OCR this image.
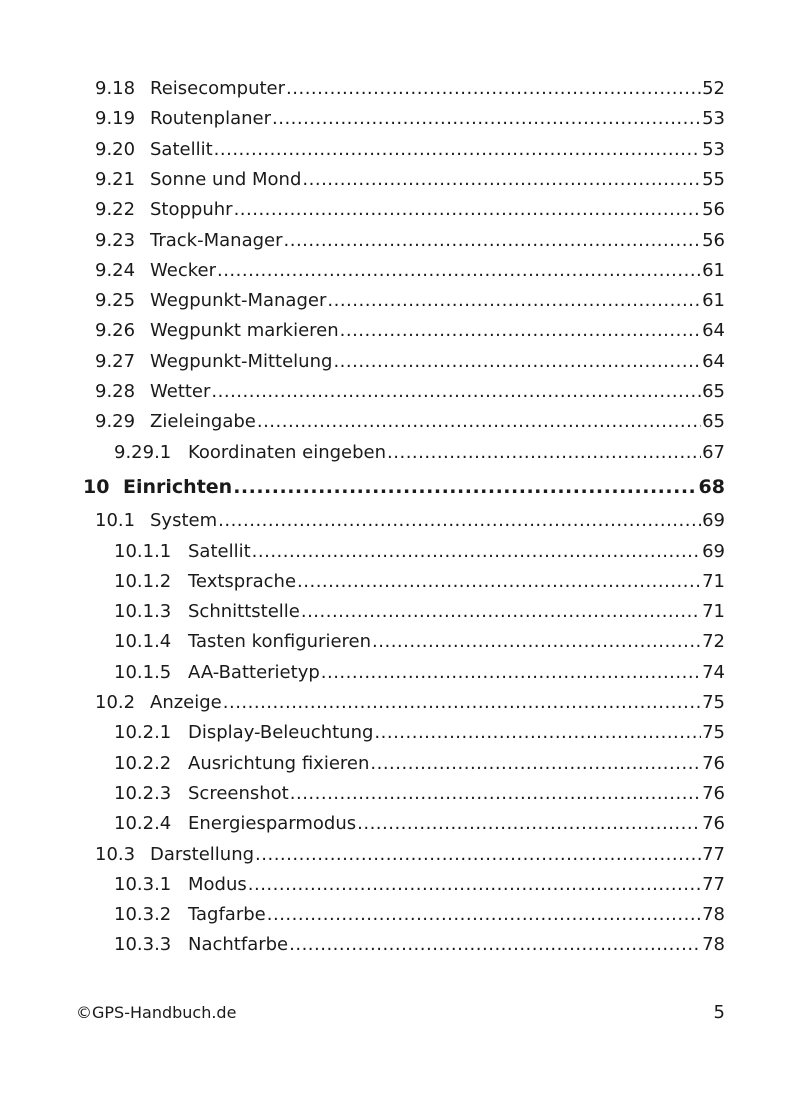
9.18 Reisecomputer .....	52
9.19 Routenplaner .....	53
9.20 Satellit .....	53
9.21 Sonne und Mond .....	55
9.22 Stoppuhr .....	56
9.23 Track-Manager .....	56
9.24 Wecker .....	61
9.25 Wegpunkt-Manager .....	61
9.26 Wegpunkt markieren .....	64
9.27 Wegpunkt-Mittelung .....	64
9.28 Wetter .....	65
9.29 Zieleingabe .....	65
9.29.1 Koordinaten eingeben .....	67
10 Einrichten .....	68
10.1 System .....	69
10.1.1 Satellit .....	69
10.1.2 Textsprache .....	71
10.1.3 Schnittstelle .....	71
10.1.4 Tasten konfigurieren .....	72
10.1.5 AA-Batterietyp .....	74
10.2 Anzeige .....	75
10.2.1 Display-Beleuchtung .....	75
10.2.2 Ausrichtung fixieren .....	76
10.2.3 Screenshot .....	76
10.2.4 Energiesparmodus .....	76
10.3 Darstellung .....	77
10.3.1 Modus .....	77
10.3.2 Tagfarbe .....	78
10.3.3 Nachtfarbe .....	78
©GPS-Handbuch.de	5
